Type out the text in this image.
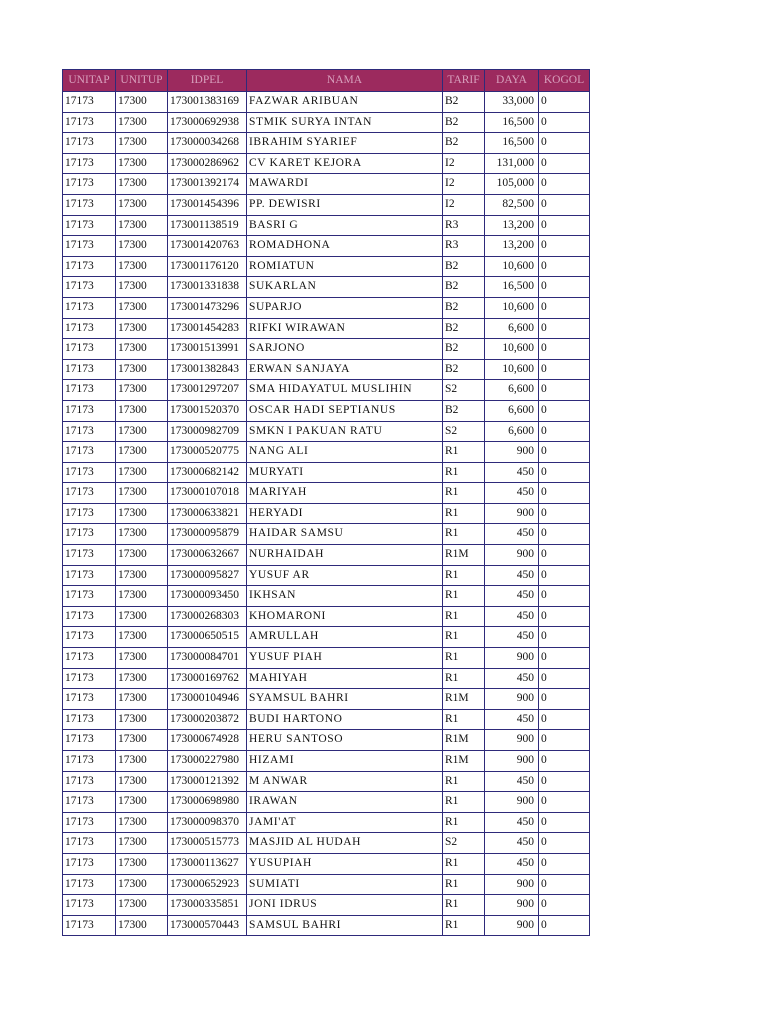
UNITAP	UNITUP	IDPEL	NAMA	TARIF	DAYA	KOGOL
17173	17300	173001383169	FAZWAR ARIBUAN	B2	33,000	0
17173	17300	173000692938	STMIK SURYA INTAN	B2	16,500	0
17173	17300	173000034268	IBRAHIM SYARIEF	B2	16,500	0
17173	17300	173000286962	CV KARET KEJORA	I2	131,000	0
17173	17300	173001392174	MAWARDI	I2	105,000	0
17173	17300	173001454396	PP. DEWISRI	I2	82,500	0
17173	17300	173001138519	BASRI G	R3	13,200	0
17173	17300	173001420763	ROMADHONA	R3	13,200	0
17173	17300	173001176120	ROMIATUN	B2	10,600	0
17173	17300	173001331838	SUKARLAN	B2	16,500	0
17173	17300	173001473296	SUPARJO	B2	10,600	0
17173	17300	173001454283	RIFKI WIRAWAN	B2	6,600	0
17173	17300	173001513991	SARJONO	B2	10,600	0
17173	17300	173001382843	ERWAN SANJAYA	B2	10,600	0
17173	17300	173001297207	SMA HIDAYATUL MUSLIHIN	S2	6,600	0
17173	17300	173001520370	OSCAR HADI SEPTIANUS	B2	6,600	0
17173	17300	173000982709	SMKN I PAKUAN RATU	S2	6,600	0
17173	17300	173000520775	NANG ALI	R1	900	0
17173	17300	173000682142	MURYATI	R1	450	0
17173	17300	173000107018	MARIYAH	R1	450	0
17173	17300	173000633821	HERYADI	R1	900	0
17173	17300	173000095879	HAIDAR SAMSU	R1	450	0
17173	17300	173000632667	NURHAIDAH	R1M	900	0
17173	17300	173000095827	YUSUF AR	R1	450	0
17173	17300	173000093450	IKHSAN	R1	450	0
17173	17300	173000268303	KHOMARONI	R1	450	0
17173	17300	173000650515	AMRULLAH	R1	450	0
17173	17300	173000084701	YUSUF PIAH	R1	900	0
17173	17300	173000169762	MAHIYAH	R1	450	0
17173	17300	173000104946	SYAMSUL BAHRI	R1M	900	0
17173	17300	173000203872	BUDI HARTONO	R1	450	0
17173	17300	173000674928	HERU SANTOSO	R1M	900	0
17173	17300	173000227980	HIZAMI	R1M	900	0
17173	17300	173000121392	M ANWAR	R1	450	0
17173	17300	173000698980	IRAWAN	R1	900	0
17173	17300	173000098370	JAMI'AT	R1	450	0
17173	17300	173000515773	MASJID AL HUDAH	S2	450	0
17173	17300	173000113627	YUSUPIAH	R1	450	0
17173	17300	173000652923	SUMIATI	R1	900	0
17173	17300	173000335851	JONI IDRUS	R1	900	0
17173	17300	173000570443	SAMSUL BAHRI	R1	900	0
